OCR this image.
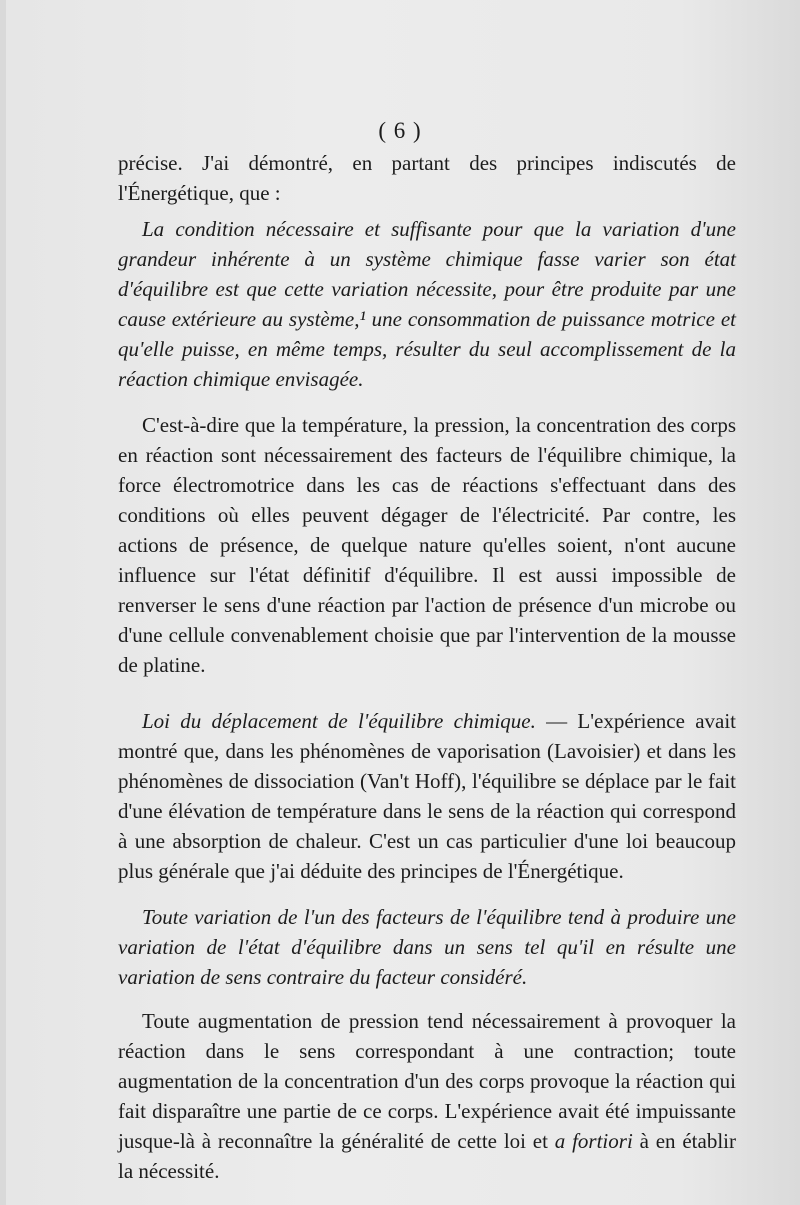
( 6 )

précise. J'ai démontré, en partant des principes indiscutés de l'Énergétique, que :

La condition nécessaire et suffisante pour que la variation d'une grandeur inhérente à un système chimique fasse varier son état d'équilibre est que cette variation nécessite, pour être produite par une cause extérieure au système,¹ une consommation de puissance motrice et qu'elle puisse, en même temps, résulter du seul accomplissement de la réaction chimique envisagée.

C'est-à-dire que la température, la pression, la concentration des corps en réaction sont nécessairement des facteurs de l'équilibre chimique, la force électromotrice dans les cas de réactions s'effectuant dans des conditions où elles peuvent dégager de l'électricité. Par contre, les actions de présence, de quelque nature qu'elles soient, n'ont aucune influence sur l'état définitif d'équilibre. Il est aussi impossible de renverser le sens d'une réaction par l'action de présence d'un microbe ou d'une cellule convenablement choisie que par l'intervention de la mousse de platine.

Loi du déplacement de l'équilibre chimique. — L'expérience avait montré que, dans les phénomènes de vaporisation (Lavoisier) et dans les phénomènes de dissociation (Van't Hoff), l'équilibre se déplace par le fait d'une élévation de température dans le sens de la réaction qui correspond à une absorption de chaleur. C'est un cas particulier d'une loi beaucoup plus générale que j'ai déduite des principes de l'Énergétique.

Toute variation de l'un des facteurs de l'équilibre tend à produire une variation de l'état d'équilibre dans un sens tel qu'il en résulte une variation de sens contraire du facteur considéré.

Toute augmentation de pression tend nécessairement à provoquer la réaction dans le sens correspondant à une contraction; toute augmentation de la concentration d'un des corps provoque la réaction qui fait disparaître une partie de ce corps. L'expérience avait été impuissante jusque-là à reconnaître la généralité de cette loi et a fortiori à en établir la nécessité.
